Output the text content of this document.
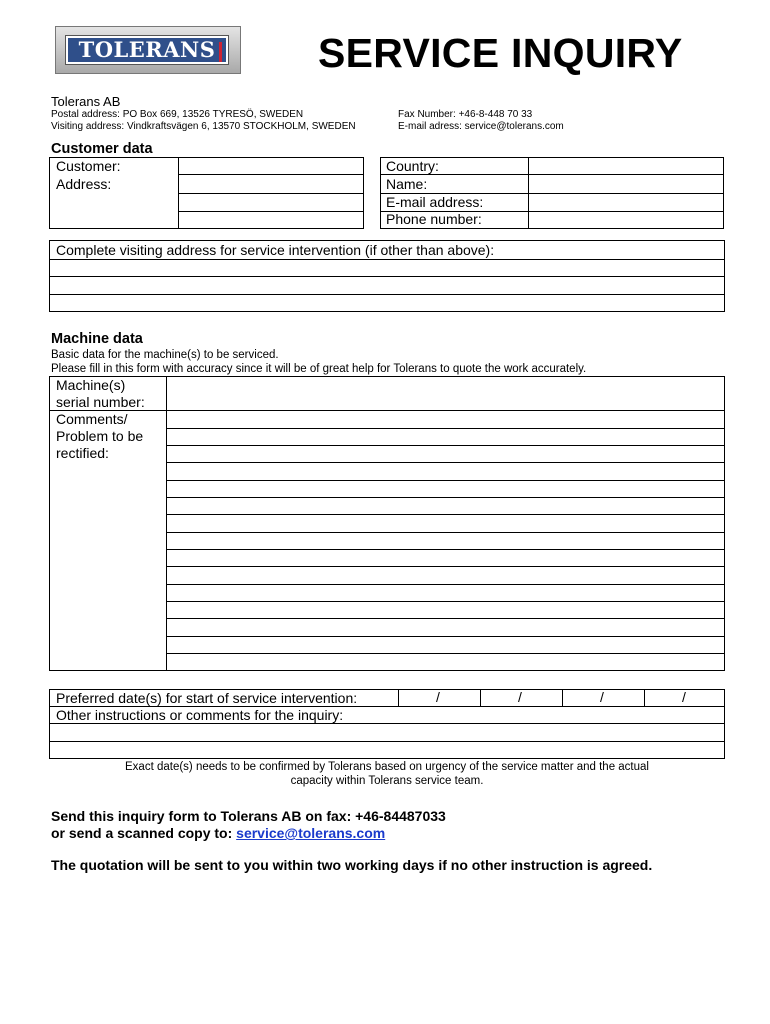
TOLERANS	SERVICE INQUIRY
Tolerans AB
Postal address: PO Box 669, 13526 TYRESÖ, SWEDEN
Visiting address: Vindkraftsvägen 6, 13570 STOCKHOLM, SWEDEN
Fax Number: +46-8-448 70 33
E-mail adress: service@tolerans.com
Customer data
Customer:
Address:
Country:
Name:
E-mail address:
Phone number:
Complete visiting address for service intervention (if other than above):
Machine data
Basic data for the machine(s) to be serviced.
Please fill in this form with accuracy since it will be of great help for Tolerans to quote the work accurately.
Machine(s)
serial number:
Comments/
Problem to be
rectified:
Preferred date(s) for start of service intervention:	/	/	/	/
Other instructions or comments for the inquiry:
Exact date(s) needs to be confirmed by Tolerans based on urgency of the service matter and the actual
capacity within Tolerans service team.
Send this inquiry form to Tolerans AB on fax: +46-84487033
or send a scanned copy to: service@tolerans.com
The quotation will be sent to you within two working days if no other instruction is agreed.
